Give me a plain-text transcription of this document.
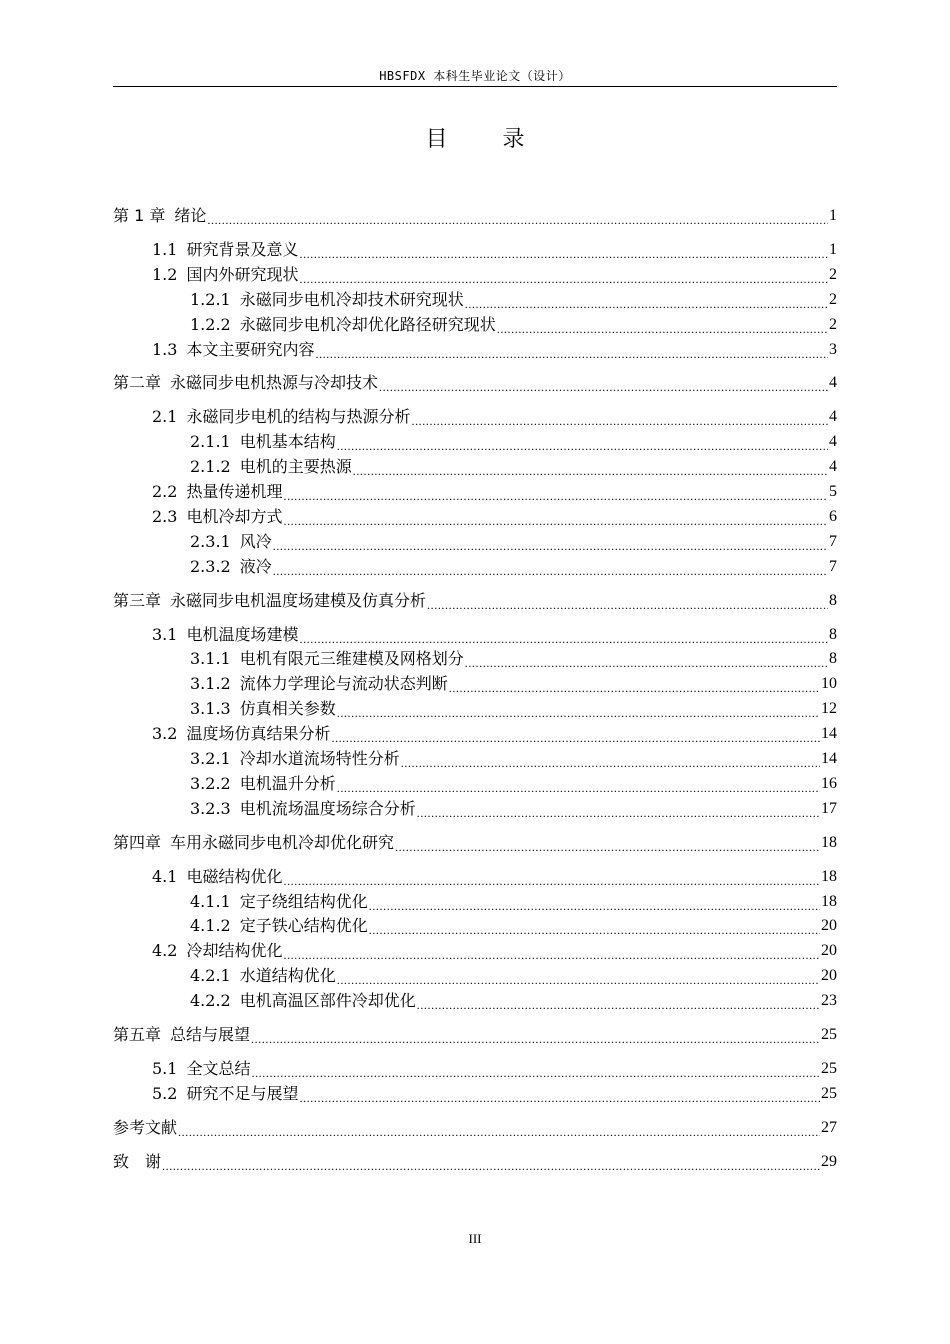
HBSFDX 本科生毕业论文（设计）
目 录
第 1 章 绪论 .....	1
1.1 研究背景及意义 .....	1
1.2 国内外研究现状 .....	2
1.2.1 永磁同步电机冷却技术研究现状 .....	2
1.2.2 永磁同步电机冷却优化路径研究现状 .....	2
1.3 本文主要研究内容 .....	3
第二章 永磁同步电机热源与冷却技术 .....	4
2.1 永磁同步电机的结构与热源分析 .....	4
2.1.1 电机基本结构 .....	4
2.1.2 电机的主要热源 .....	4
2.2 热量传递机理 .....	5
2.3 电机冷却方式 .....	6
2.3.1 风冷 .....	7
2.3.2 液冷 .....	7
第三章 永磁同步电机温度场建模及仿真分析 .....	8
3.1 电机温度场建模 .....	8
3.1.1 电机有限元三维建模及网格划分 .....	8
3.1.2 流体力学理论与流动状态判断 .....	10
3.1.3 仿真相关参数 .....	12
3.2 温度场仿真结果分析 .....	14
3.2.1 冷却水道流场特性分析 .....	14
3.2.2 电机温升分析 .....	16
3.2.3 电机流场温度场综合分析 .....	17
第四章 车用永磁同步电机冷却优化研究 .....	18
4.1 电磁结构优化 .....	18
4.1.1 定子绕组结构优化 .....	18
4.1.2 定子铁心结构优化 .....	20
4.2 冷却结构优化 .....	20
4.2.1 水道结构优化 .....	20
4.2.2 电机高温区部件冷却优化 .....	23
第五章 总结与展望 .....	25
5.1 全文总结 .....	25
5.2 研究不足与展望 .....	25
参考文献 .....	27
致　谢 .....	29
III
